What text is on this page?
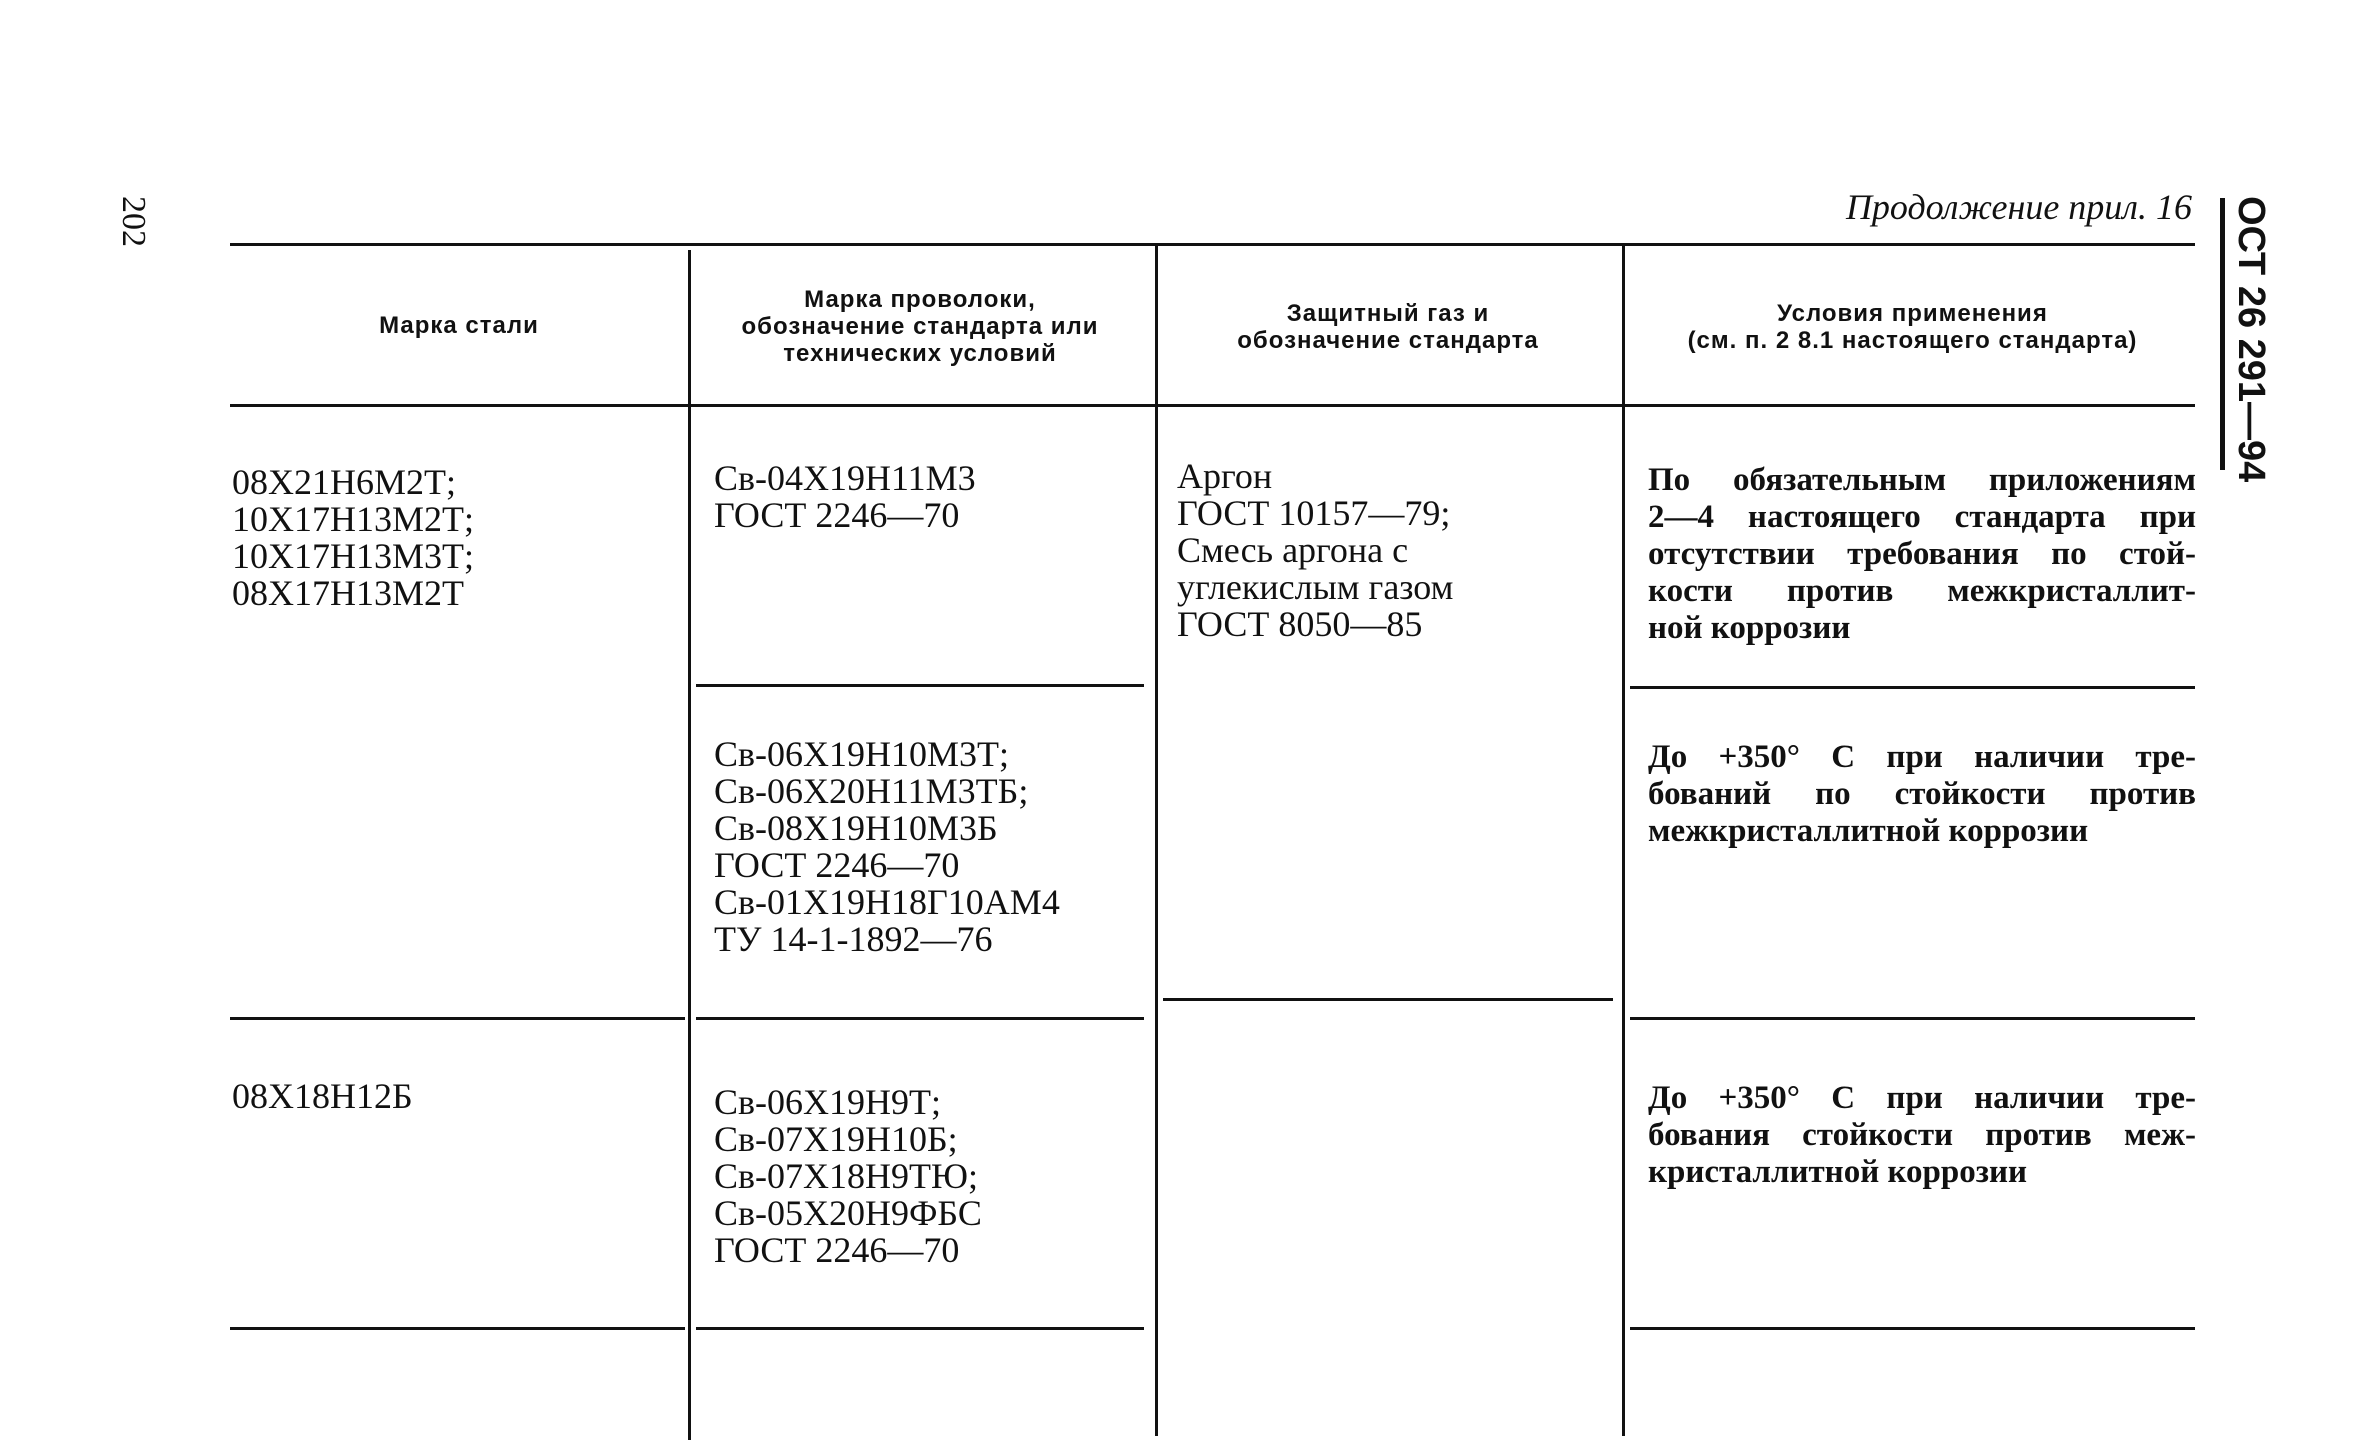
202	Продолжение прил. 16 ОСТ 26 291—94
Марка стали
Марка проволоки,
обозначение стандарта или
технических условий
Защитный газ и
обозначение стандарта
Условия применения
(см. п. 2 8.1 настоящего стандарта)
08Х21Н6М2Т;
10Х17Н13М2Т;
10Х17Н13М3Т;
08Х17Н13М2Т
Св-04Х19Н11М3
ГОСТ 2246—70
Аргон
ГОСТ 10157—79;
Смесь аргона с
углекислым газом
ГОСТ 8050—85
По обязательным приложениям
2—4 настоящего стандарта при
отсутствии требования по стой-
кости против межкристаллит-
ной коррозии
Св-06Х19Н10М3Т;
Св-06Х20Н11М3ТБ;
Св-08Х19Н10М3Б
ГОСТ 2246—70
Св-01Х19Н18Г10АМ4
ТУ 14-1-1892—76
До +350° С при наличии тре-
бований по стойкости против
межкристаллитной коррозии
08Х18Н12Б	Св-06Х19Н9Т;
Св-07Х19Н10Б;
Св-07Х18Н9ТЮ;
Св-05Х20Н9ФБС
ГОСТ 2246—70
До +350° С при наличии тре-
бования стойкости против меж-
кристаллитной коррозии
